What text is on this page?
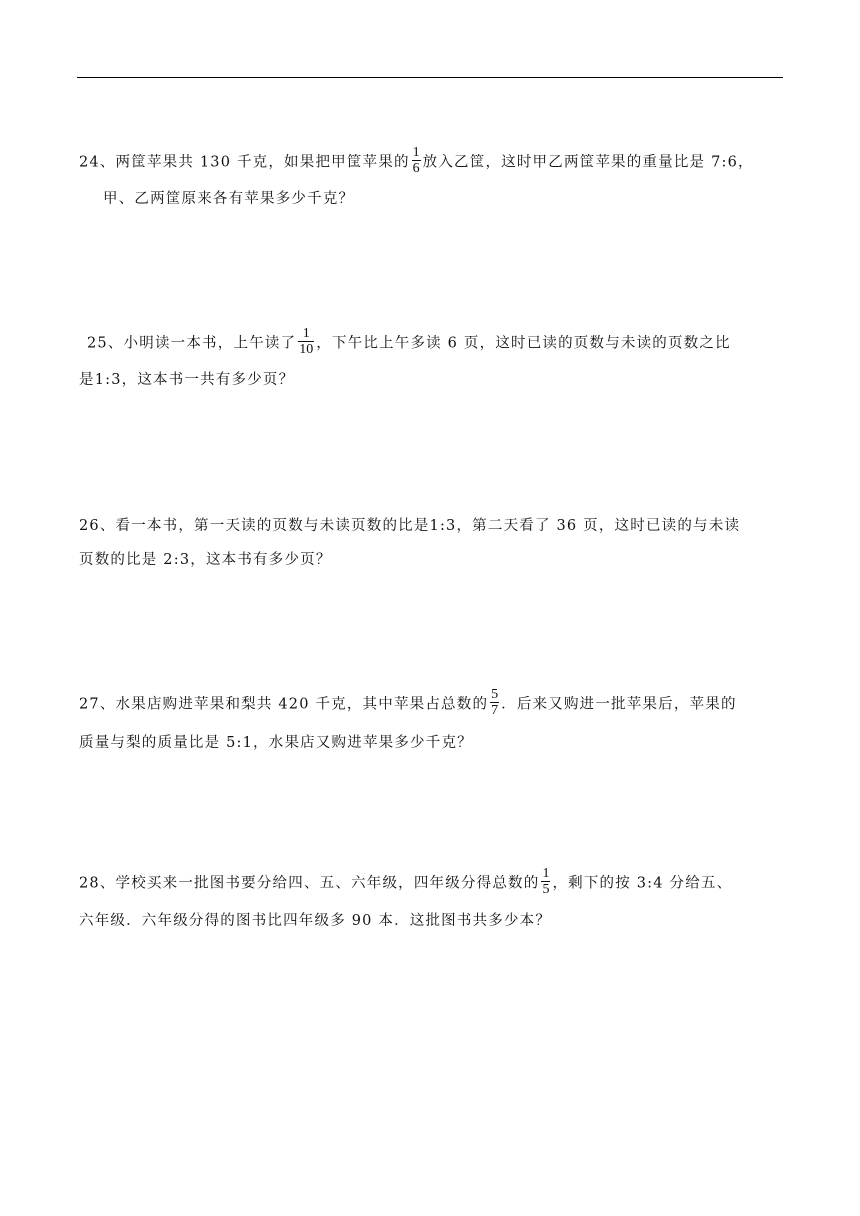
24、两筐苹果共 130 千克，如果把甲筐苹果的 $\frac{1}{6}$ 放入乙筐，这时甲乙两筐苹果的重量比是 7:6，
甲、乙两筐原来各有苹果多少千克？
25、小明读一本书，上午读了 $\frac{1}{10}$ ，下午比上午多读 6 页，这时已读的页数与未读的页数之比
是1:3，这本书一共有多少页？
26、看一本书，第一天读的页数与未读页数的比是1:3，第二天看了 36 页，这时已读的与未读
页数的比是 2:3，这本书有多少页？
27、水果店购进苹果和梨共 420 千克，其中苹果占总数的 $\frac{5}{7}$ ．后来又购进一批苹果后，苹果的
质量与梨的质量比是 5:1，水果店又购进苹果多少千克？
28、学校买来一批图书要分给四、五、六年级，四年级分得总数的 $\frac{1}{5}$ ，剩下的按 3:4 分给五、
六年级．六年级分得的图书比四年级多 90 本．这批图书共多少本？
